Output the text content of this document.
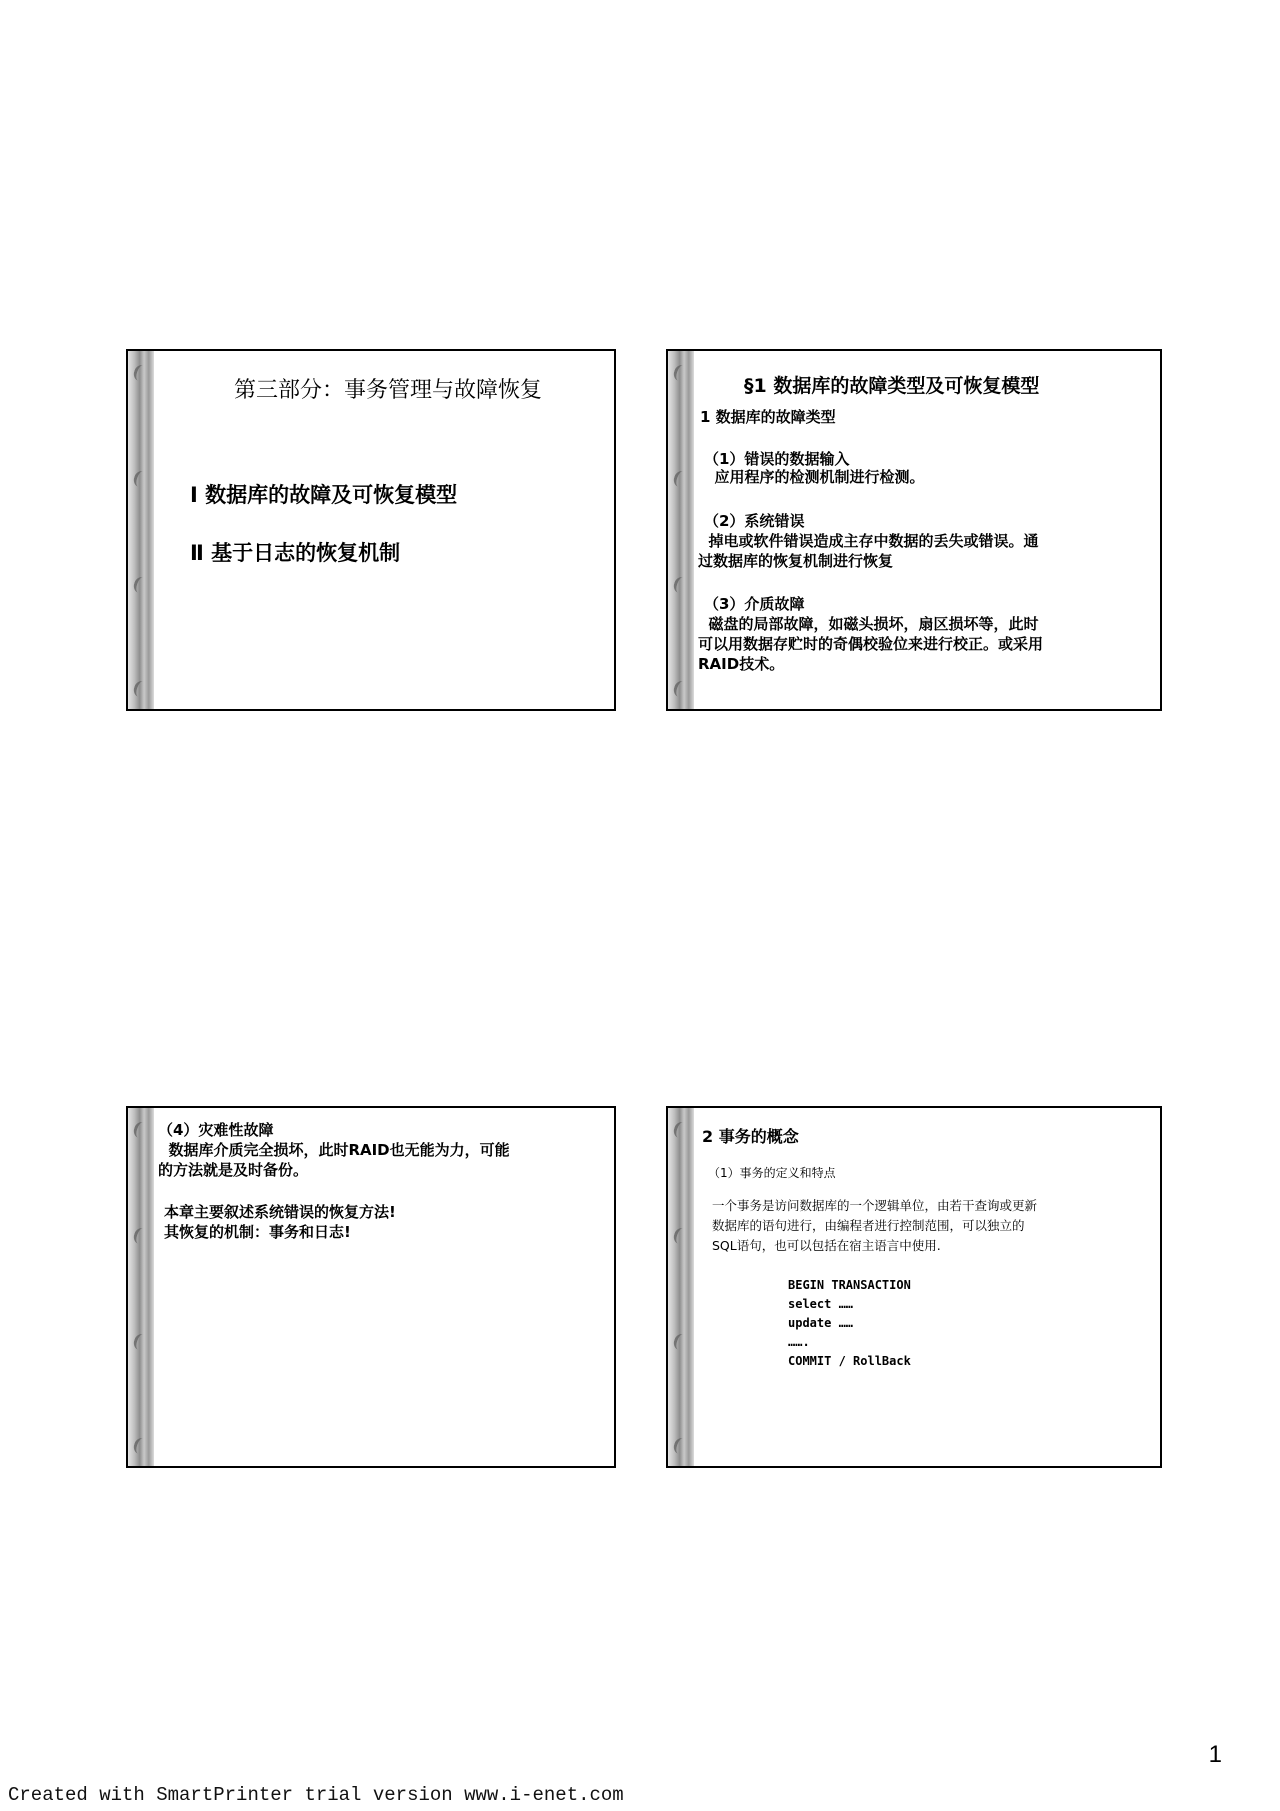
第三部分：事务管理与故障恢复
Ⅰ 数据库的故障及可恢复模型
Ⅱ 基于日志的恢复机制
§1 数据库的故障类型及可恢复模型
1 数据库的故障类型
（1）错误的数据输入
应用程序的检测机制进行检测。
（2）系统错误
掉电或软件错误造成主存中数据的丢失或错误。通
过数据库的恢复机制进行恢复
（3）介质故障
磁盘的局部故障，如磁头损坏，扇区损坏等，此时
可以用数据存贮时的奇偶校验位来进行校正。或采用
RAID技术。
（4）灾难性故障
数据库介质完全损坏，此时RAID也无能为力，可能
的方法就是及时备份。
本章主要叙述系统错误的恢复方法!
其恢复的机制：事务和日志!
2 事务的概念
（1）事务的定义和特点
一个事务是访问数据库的一个逻辑单位，由若干查询或更新
数据库的语句进行，由编程者进行控制范围，可以独立的
SQL语句，也可以包括在宿主语言中使用.
BEGIN TRANSACTION
select ……
update ……
…….
COMMIT / RollBack
1
Created with SmartPrinter trial version www.i-enet.com
